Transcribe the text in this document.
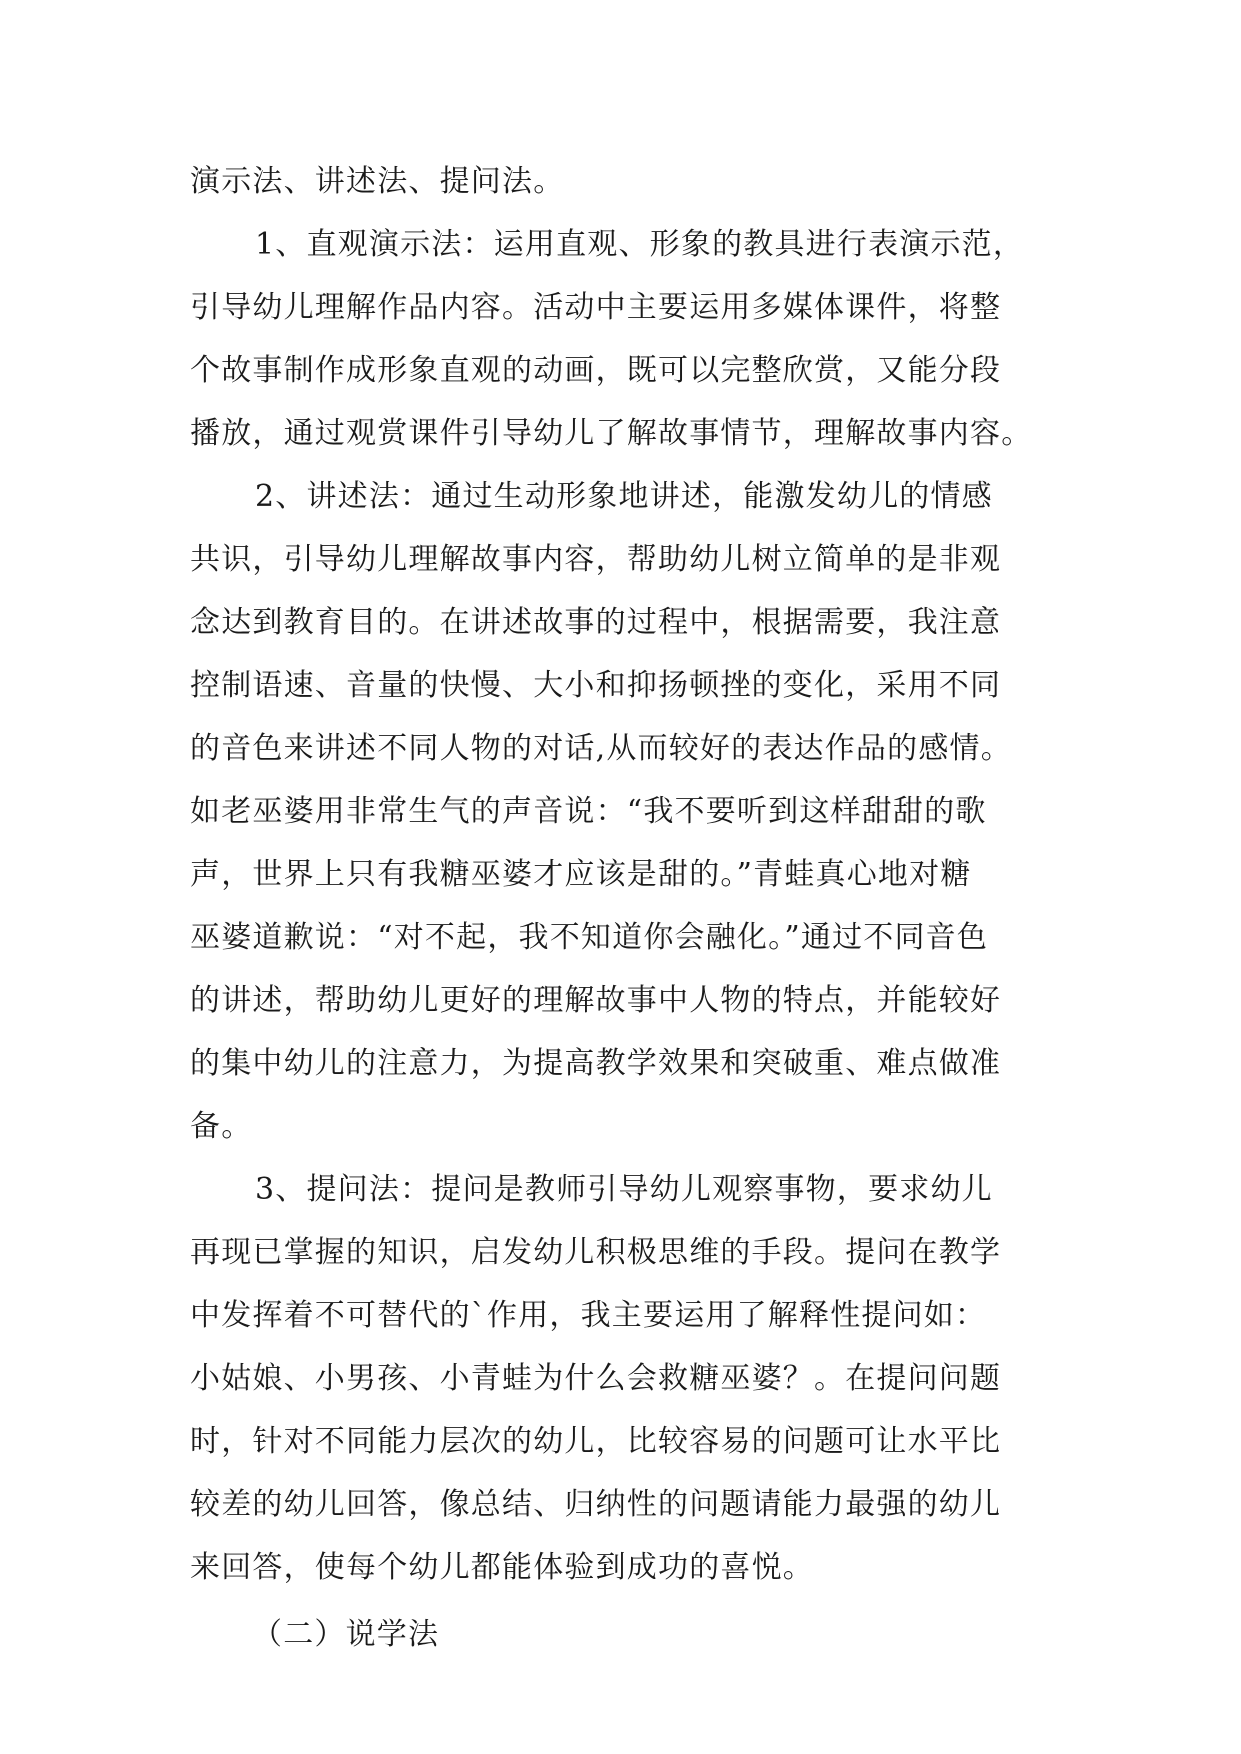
演示法、讲述法、提问法。
1、直观演示法：运用直观、形象的教具进行表演示范，
引导幼儿理解作品内容。活动中主要运用多媒体课件，将整
个故事制作成形象直观的动画，既可以完整欣赏，又能分段
播放，通过观赏课件引导幼儿了解故事情节，理解故事内容。
2、讲述法：通过生动形象地讲述，能激发幼儿的情感
共识，引导幼儿理解故事内容，帮助幼儿树立简单的是非观
念达到教育目的。在讲述故事的过程中，根据需要，我注意
控制语速、音量的快慢、大小和抑扬顿挫的变化，采用不同
的音色来讲述不同人物的对话,从而较好的表达作品的感情。
如老巫婆用非常生气的声音说：“我不要听到这样甜甜的歌
声，世界上只有我糖巫婆才应该是甜的。”青蛙真心地对糖
巫婆道歉说：“对不起，我不知道你会融化。”通过不同音色
的讲述，帮助幼儿更好的理解故事中人物的特点，并能较好
的集中幼儿的注意力，为提高教学效果和突破重、难点做准
备。
3、提问法：提问是教师引导幼儿观察事物，要求幼儿
再现已掌握的知识，启发幼儿积极思维的手段。提问在教学
中发挥着不可替代的`作用，我主要运用了解释性提问如：
小姑娘、小男孩、小青蛙为什么会救糖巫婆？。在提问问题
时，针对不同能力层次的幼儿，比较容易的问题可让水平比
较差的幼儿回答，像总结、归纳性的问题请能力最强的幼儿
来回答，使每个幼儿都能体验到成功的喜悦。
（二）说学法
